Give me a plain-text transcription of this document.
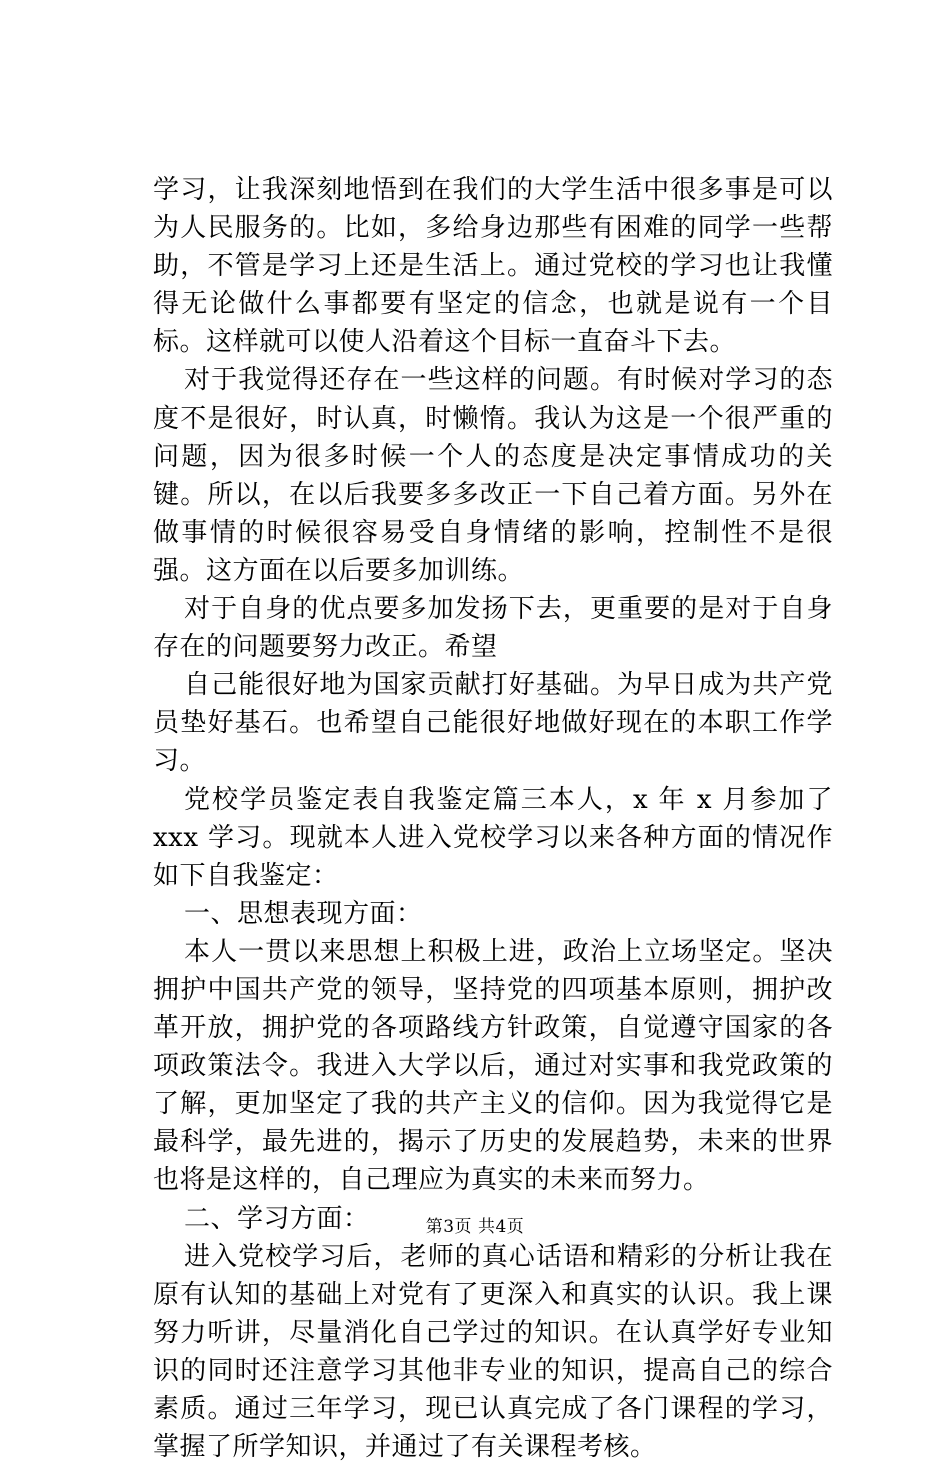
学习，让我深刻地悟到在我们的大学生活中很多事是可以为人民服务的。比如，多给身边那些有困难的同学一些帮助，不管是学习上还是生活上。通过党校的学习也让我懂得无论做什么事都要有坚定的信念，也就是说有一个目标。这样就可以使人沿着这个目标一直奋斗下去。

对于我觉得还存在一些这样的问题。有时候对学习的态度不是很好，时认真，时懒惰。我认为这是一个很严重的问题，因为很多时候一个人的态度是决定事情成功的关键。所以，在以后我要多多改正一下自己着方面。另外在做事情的时候很容易受自身情绪的影响，控制性不是很强。这方面在以后要多加训练。

对于自身的优点要多加发扬下去，更重要的是对于自身存在的问题要努力改正。希望

自己能很好地为国家贡献打好基础。为早日成为共产党员垫好基石。也希望自己能很好地做好现在的本职工作学习。

党校学员鉴定表自我鉴定篇三本人，x 年 x 月参加了 xxx 学习。现就本人进入党校学习以来各种方面的情况作如下自我鉴定：

一、思想表现方面：

本人一贯以来思想上积极上进，政治上立场坚定。坚决拥护中国共产党的领导，坚持党的四项基本原则，拥护改革开放，拥护党的各项路线方针政策，自觉遵守国家的各项政策法令。我进入大学以后，通过对实事和我党政策的了解，更加坚定了我的共产主义的信仰。因为我觉得它是最科学，最先进的，揭示了历史的发展趋势，未来的世界也将是这样的，自己理应为真实的未来而努力。

二、学习方面：

进入党校学习后，老师的真心话语和精彩的分析让我在原有认知的基础上对党有了更深入和真实的认识。我上课努力听讲，尽量消化自己学过的知识。在认真学好专业知识的同时还注意学习其他非专业的知识，提高自己的综合素质。通过三年学习，现已认真完成了各门课程的学习，掌握了所学知识，并通过了有关课程考核。

第3页 共4页
